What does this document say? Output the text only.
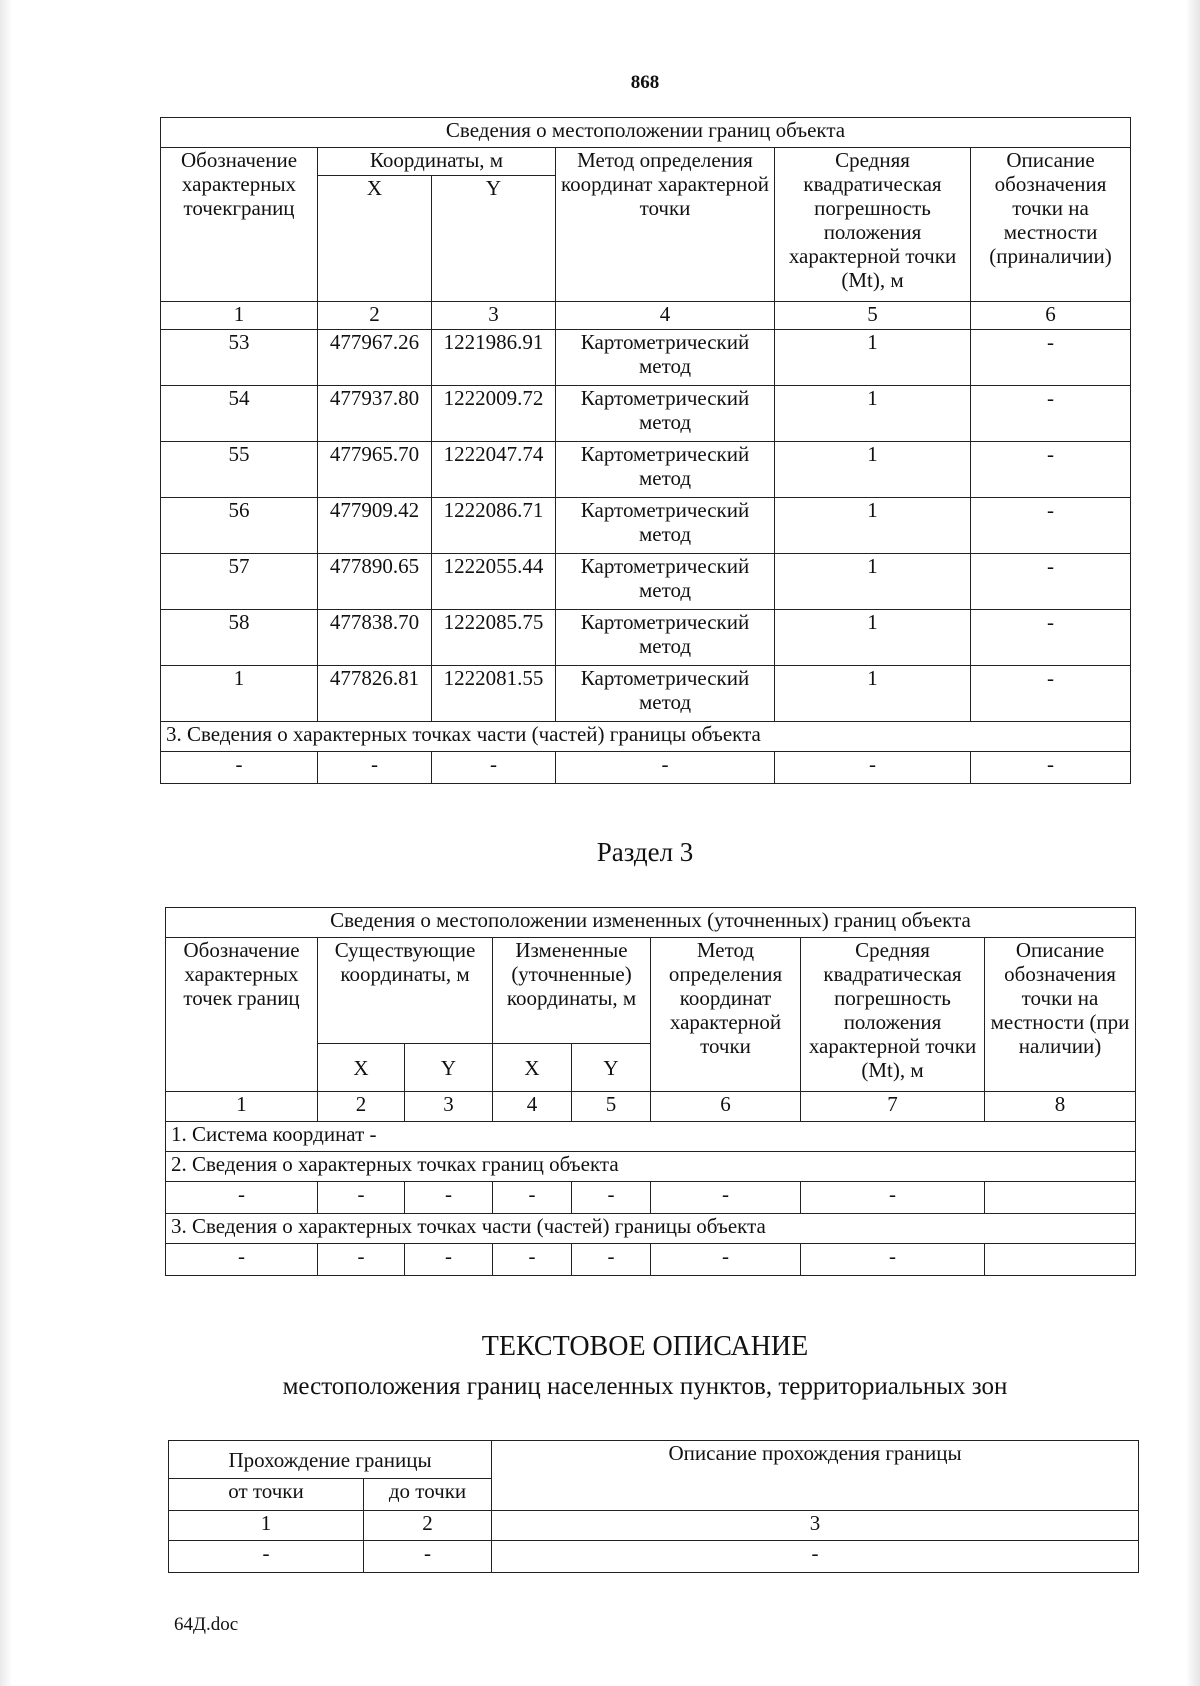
868
Сведения о местоположении границ объекта					
Обозначение характерных точекграниц	Координаты, м		Метод определения координат характерной точки	Средняя квадратическая погрешность положения характерной точки (Mt), м	Описание обозначения точки на местности (приналичии)
	X	Y			
1	2	3	4	5	6
53	477967.26	1221986.91	Картометрический метод	1	-
54	477937.80	1222009.72	Картометрический метод	1	-
55	477965.70	1222047.74	Картометрический метод	1	-
56	477909.42	1222086.71	Картометрический метод	1	-
57	477890.65	1222055.44	Картометрический метод	1	-
58	477838.70	1222085.75	Картометрический метод	1	-
1	477826.81	1222081.55	Картометрический метод	1	-
3. Сведения о характерных точках части (частей) границы объекта					
-	-	-	-	-	-
Раздел 3
Сведения о местоположении измененных (уточненных) границ объекта							
Обозначение характерных точек границ	Существующие координаты, м		Измененные (уточненные) координаты, м		Метод определения координат характерной точки	Средняя квадратическая погрешность положения характерной точки (Mt), м	Описание обозначения точки на местности (при наличии)
	X	Y	X	Y			
1	2	3	4	5	6	7	8
1. Система координат -							
2. Сведения о характерных точках границ объекта							
-	-	-	-	-	-	-	
3. Сведения о характерных точках части (частей) границы объекта							
-	-	-	-	-	-	-	
ТЕКСТОВОЕ ОПИСАНИЕ
местоположения границ населенных пунктов, территориальных зон
Прохождение границы		Описание прохождения границы
от точки	до точки	
1	2	3
-	-	-
64Д.doc
